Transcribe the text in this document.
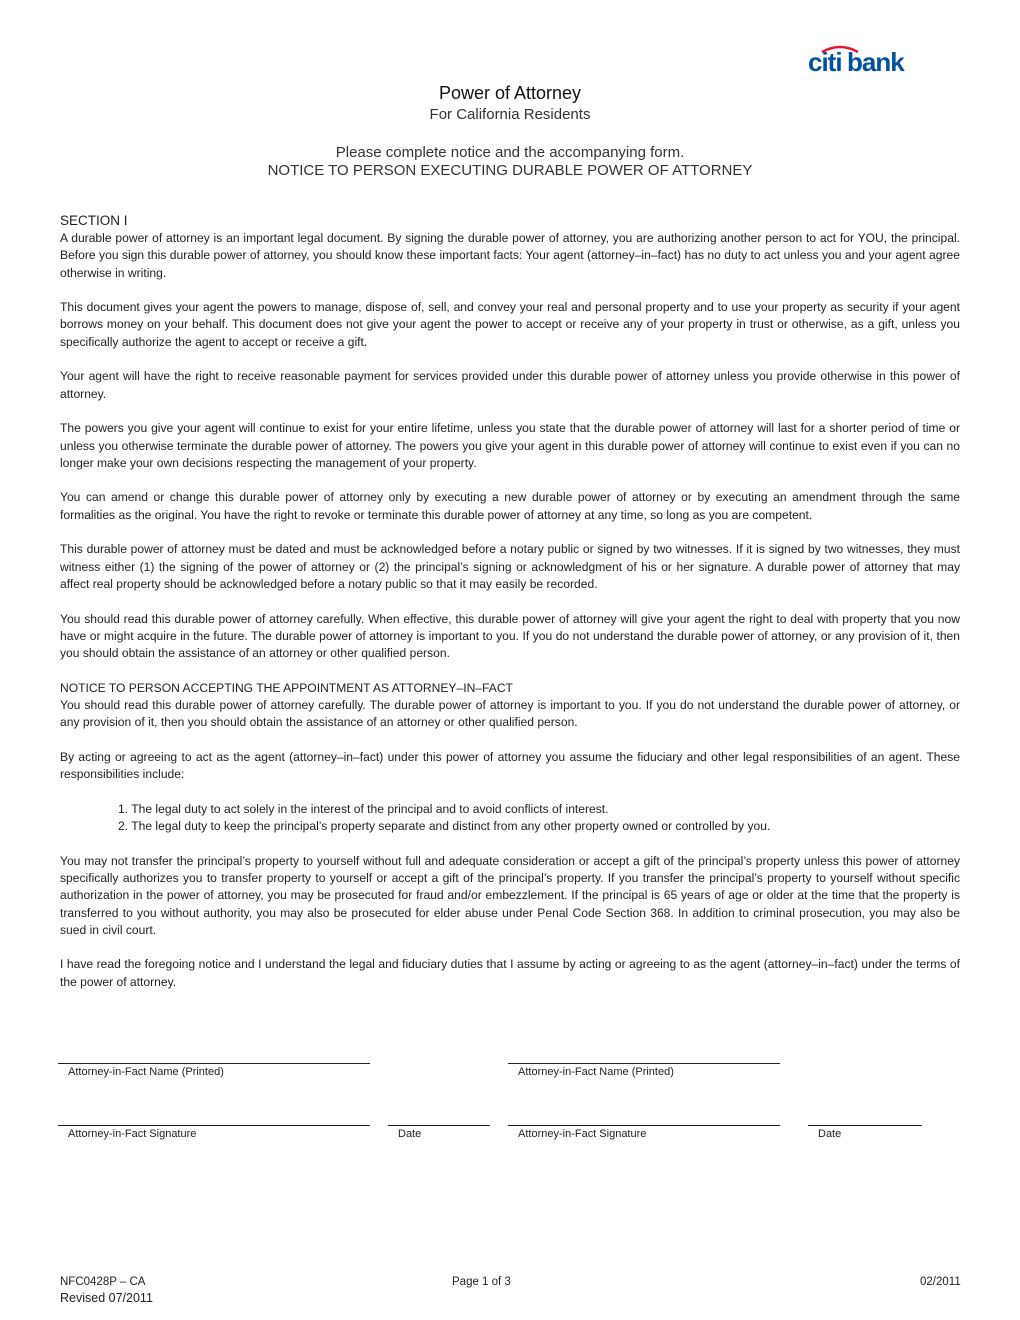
citi bank
Power of Attorney
For California Residents
Please complete notice and the accompanying form.
NOTICE TO PERSON EXECUTING DURABLE POWER OF ATTORNEY
SECTION I

A durable power of attorney is an important legal document. By signing the durable power of attorney, you are authorizing another person to act for YOU, the principal. Before you sign this durable power of attorney, you should know these important facts: Your agent (attorney–in–fact) has no duty to act unless you and your agent agree otherwise in writing.

This document gives your agent the powers to manage, dispose of, sell, and convey your real and personal property and to use your property as security if your agent borrows money on your behalf. This document does not give your agent the power to accept or receive any of your property in trust or otherwise, as a gift, unless you specifically authorize the agent to accept or receive a gift.

Your agent will have the right to receive reasonable payment for services provided under this durable power of attorney unless you provide otherwise in this power of attorney.

The powers you give your agent will continue to exist for your entire lifetime, unless you state that the durable power of attorney will last for a shorter period of time or unless you otherwise terminate the durable power of attorney. The powers you give your agent in this durable power of attorney will continue to exist even if you can no longer make your own decisions respecting the management of your property.

You can amend or change this durable power of attorney only by executing a new durable power of attorney or by executing an amendment through the same formalities as the original. You have the right to revoke or terminate this durable power of attorney at any time, so long as you are competent.

This durable power of attorney must be dated and must be acknowledged before a notary public or signed by two witnesses. If it is signed by two witnesses, they must witness either (1) the signing of the power of attorney or (2) the principal’s signing or acknowledgment of his or her signature. A durable power of attorney that may affect real property should be acknowledged before a notary public so that it may easily be recorded.

You should read this durable power of attorney carefully. When effective, this durable power of attorney will give your agent the right to deal with property that you now have or might acquire in the future. The durable power of attorney is important to you. If you do not understand the durable power of attorney, or any provision of it, then you should obtain the assistance of an attorney or other qualified person.

NOTICE TO PERSON ACCEPTING THE APPOINTMENT AS ATTORNEY–IN–FACT

You should read this durable power of attorney carefully. The durable power of attorney is important to you. If you do not understand the durable power of attorney, or any provision of it, then you should obtain the assistance of an attorney or other qualified person.

By acting or agreeing to act as the agent (attorney–in–fact) under this power of attorney you assume the fiduciary and other legal responsibilities of an agent. These responsibilities include:

1. The legal duty to act solely in the interest of the principal and to avoid conflicts of interest.
2. The legal duty to keep the principal’s property separate and distinct from any other property owned or controlled by you.

You may not transfer the principal’s property to yourself without full and adequate consideration or accept a gift of the principal’s property unless this power of attorney specifically authorizes you to transfer property to yourself or accept a gift of the principal’s property. If you transfer the principal’s property to yourself without specific authorization in the power of attorney, you may be prosecuted for fraud and/or embezzlement. If the principal is 65 years of age or older at the time that the property is transferred to you without authority, you may also be prosecuted for elder abuse under Penal Code Section 368. In addition to criminal prosecution, you may also be sued in civil court.

I have read the foregoing notice and I understand the legal and fiduciary duties that I assume by acting or agreeing to as the agent (attorney–in–fact) under the terms of the power of attorney.

Attorney-in-Fact Name (Printed)	Attorney-in-Fact Name (Printed)
Attorney-in-Fact Signature	Date	Attorney-in-Fact Signature	Date
NFC0428P – CA
Revised 07/2011
Page 1 of 3	02/2011
